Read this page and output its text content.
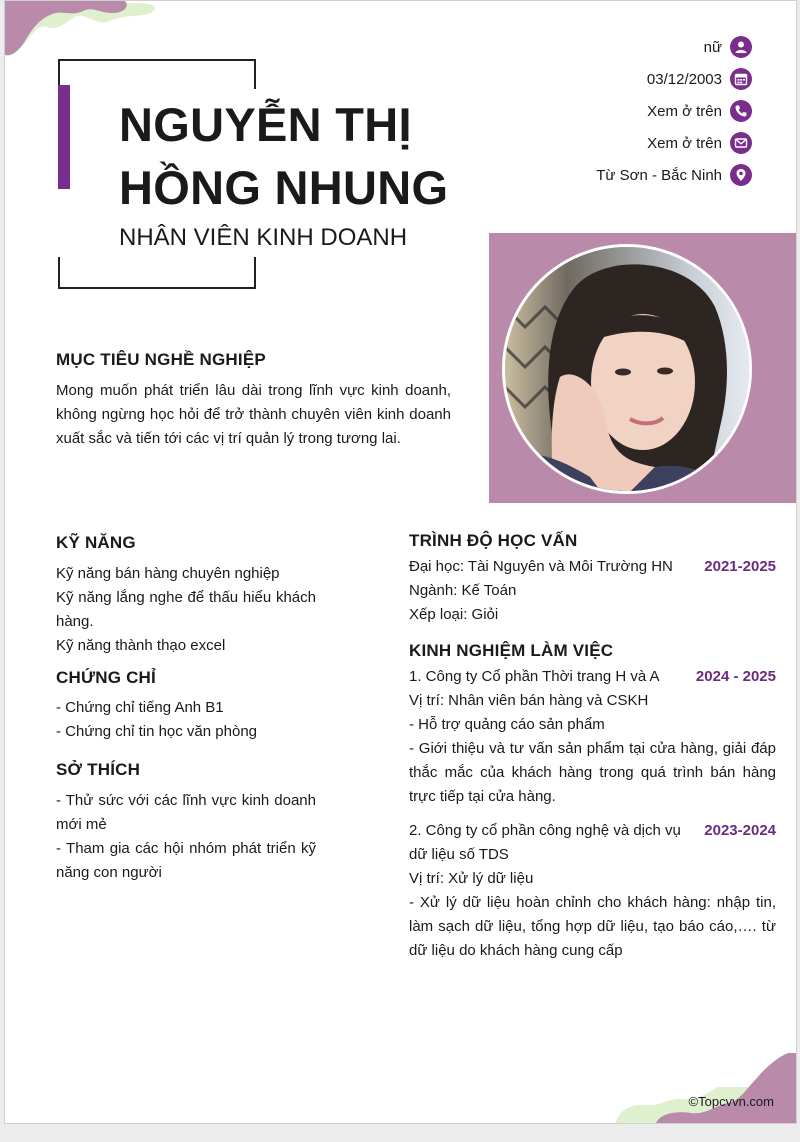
NGUYỄN THỊ
HỒNG NHUNG
NHÂN VIÊN KINH DOANH
nữ
03/12/2003
Xem ở trên
Xem ở trên
Từ Sơn - Bắc Ninh
MỤC TIÊU NGHỀ NGHIỆP
Mong muốn phát triển lâu dài trong lĩnh vực kinh doanh, không ngừng học hỏi để trở thành chuyên viên kinh doanh xuất sắc và tiến tới các vị trí quản lý trong tương lai.
KỸ NĂNG
Kỹ năng bán hàng chuyên nghiệp
Kỹ năng lắng nghe để thấu hiểu khách hàng.
Kỹ năng thành thạo excel
CHỨNG CHỈ
- Chứng chỉ tiếng Anh B1
- Chứng chỉ tin học văn phòng
SỞ THÍCH
- Thử sức với các lĩnh vực kinh doanh mới mẻ
- Tham gia các hội nhóm phát triển kỹ năng con người
TRÌNH ĐỘ HỌC VẤN
Đại học: Tài Nguyên và Môi Trường HN 2021-2025
Ngành: Kế Toán
Xếp loại: Giỏi
KINH NGHIỆM LÀM VIỆC
1. Công ty Cổ phần Thời trang H và A 2024 - 2025
Vị trí: Nhân viên bán hàng và CSKH
- Hỗ trợ quảng cáo sản phẩm
- Giới thiệu và tư vấn sản phẩm tại cửa hàng, giải đáp thắc mắc của khách hàng trong quá trình bán hàng trực tiếp tại cửa hàng.
2. Công ty cổ phần công nghệ và dịch vụ dữ liệu số TDS
2023-2024
Vị trí: Xử lý dữ liệu
- Xử lý dữ liệu hoàn chỉnh cho khách hàng: nhập tin, làm sạch dữ liệu, tổng hợp dữ liệu, tạo báo cáo,…. từ dữ liệu do khách hàng cung cấp
©Topcvvn.com
